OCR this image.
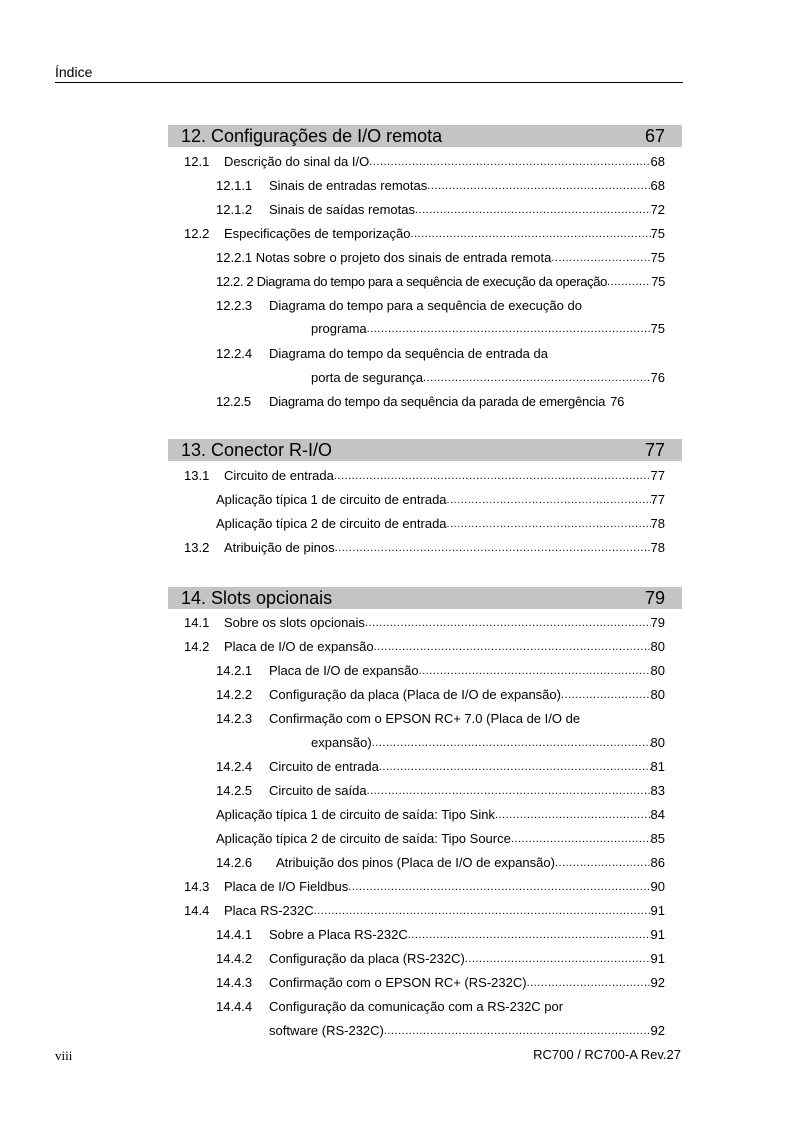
Índice
12. Configurações de I/O remota	67
12.1	Descrição do sinal da I/O .....	68
12.1.1	Sinais de entradas remotas .....	68
12.1.2	Sinais de saídas remotas .....	72
12.2	Especificações de temporização .....	75
12.2.1 Notas sobre o projeto dos sinais de entrada remota .....	75
12.2. 2 Diagrama do tempo para a sequência de execução da operação .....	75
12.2.3 Diagrama do tempo para a sequência de execução do
programa .....	75
12.2.4 Diagrama do tempo da sequência de entrada da
porta de segurança .....	76
12.2.5	Diagrama do tempo da sequência da parada de emergência 76
13. Conector R-I/O	77
13.1	Circuito de entrada .....	77
Aplicação típica 1 de circuito de entrada .....	77
Aplicação típica 2 de circuito de entrada .....	78
13.2	Atribuição de pinos .....	78
14. Slots opcionais	79
14.1	Sobre os slots opcionais .....	79
14.2	Placa de I/O de expansão .....	80
14.2.1	Placa de I/O de expansão .....	80
14.2.2	Configuração da placa (Placa de I/O de expansão) .....	80
14.2.3 Confirmação com o EPSON RC+ 7.0 (Placa de I/O de
expansão) .....	80
14.2.4	Circuito de entrada .....	81
14.2.5	Circuito de saída .....	83
Aplicação típica 1 de circuito de saída: Tipo Sink .....	84
Aplicação típica 2 de circuito de saída: Tipo Source .....	85
14.2.6	Atribuição dos pinos (Placa de I/O de expansão) .....	86
14.3	Placa de I/O Fieldbus .....	90
14.4	Placa RS-232C .....	91
14.4.1	Sobre a Placa RS-232C .....	91
14.4.2	Configuração da placa (RS-232C) .....	91
14.4.3	Confirmação com o EPSON RC+ (RS-232C) .....	92
14.4.4 Configuração da comunicação com a RS-232C por
software (RS-232C) .....	92
viii	RC700 / RC700-A Rev.27
